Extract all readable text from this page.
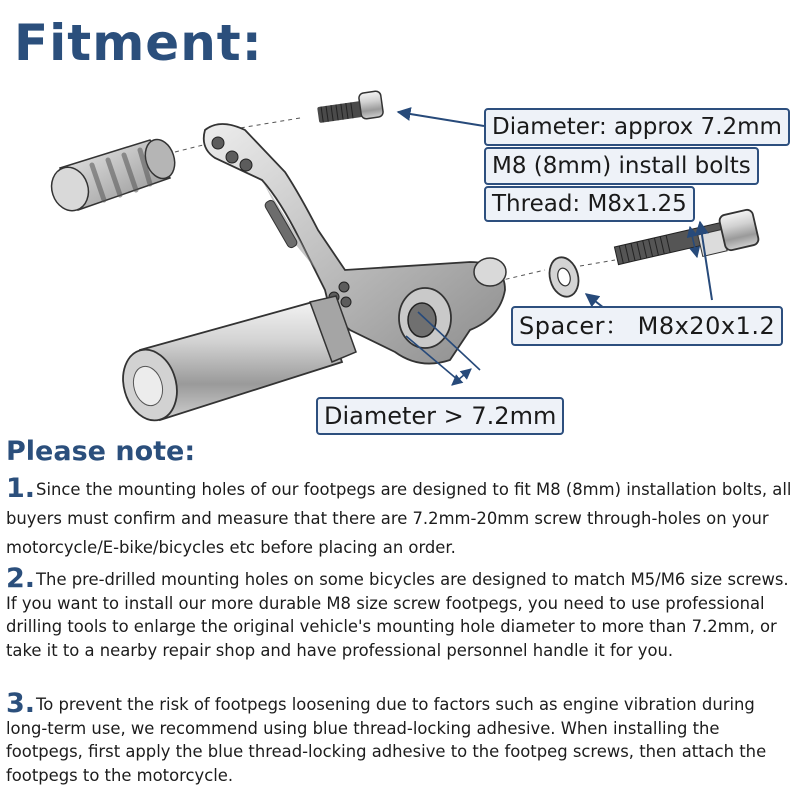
Fitment:
Diameter: approx 7.2mm
M8 (8mm) install bolts
Thread: M8x1.25
Spacer： M8x20x1.2
Diameter > 7.2mm
Please note:
1.Since the mounting holes of our footpegs are designed to fit M8 (8mm) installation bolts, all buyers must confirm and measure that there are 7.2mm-20mm screw through-holes on your motorcycle/E-bike/bicycles etc before placing an order.
2.The pre-drilled mounting holes on some bicycles are designed to match M5/M6 size screws. If you want to install our more durable M8 size screw footpegs, you need to use professional drilling tools to enlarge the original vehicle's mounting hole diameter to more than 7.2mm, or take it to a nearby repair shop and have professional personnel handle it for you.
3.To prevent the risk of footpegs loosening due to factors such as engine vibration during long-term use, we recommend using blue thread-locking adhesive. When installing the footpegs, first apply the blue thread-locking adhesive to the footpeg screws, then attach the footpegs to the motorcycle.
